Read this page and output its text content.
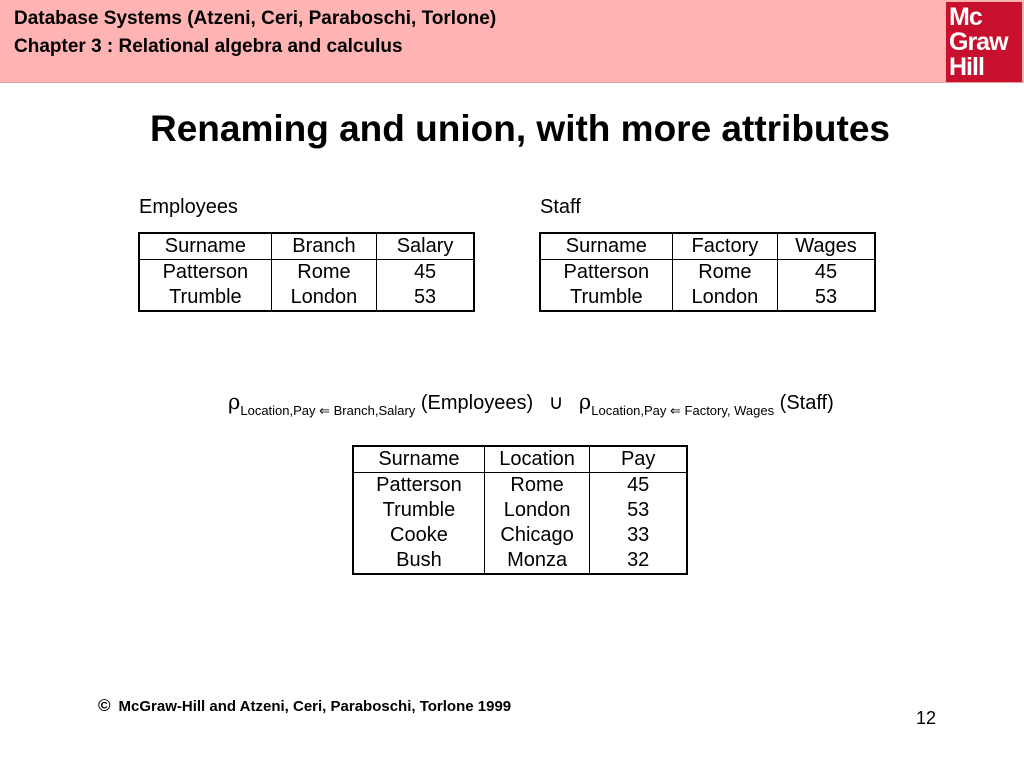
Database Systems (Atzeni, Ceri, Paraboschi, Torlone)
Chapter 3 : Relational algebra and calculus
Mc
Graw
Hill
Renaming and union, with more attributes
Employees
Surname	Branch	Salary
Patterson	Rome	45
Trumble	London	53
Staff
Surname	Factory	Wages
Patterson	Rome	45
Trumble	London	53
$\rho_{Location,Pay ⇐ Branch,Salary}$ (Employees) ∪ $\rho_{Location,Pay ⇐ Factory, Wages}$ (Staff)
Surname	Location	Pay
Patterson	Rome	45
Trumble	London	53
Cooke	Chicago	33
Bush	Monza	32
© McGraw-Hill and Atzeni, Ceri, Paraboschi, Torlone 1999
12
